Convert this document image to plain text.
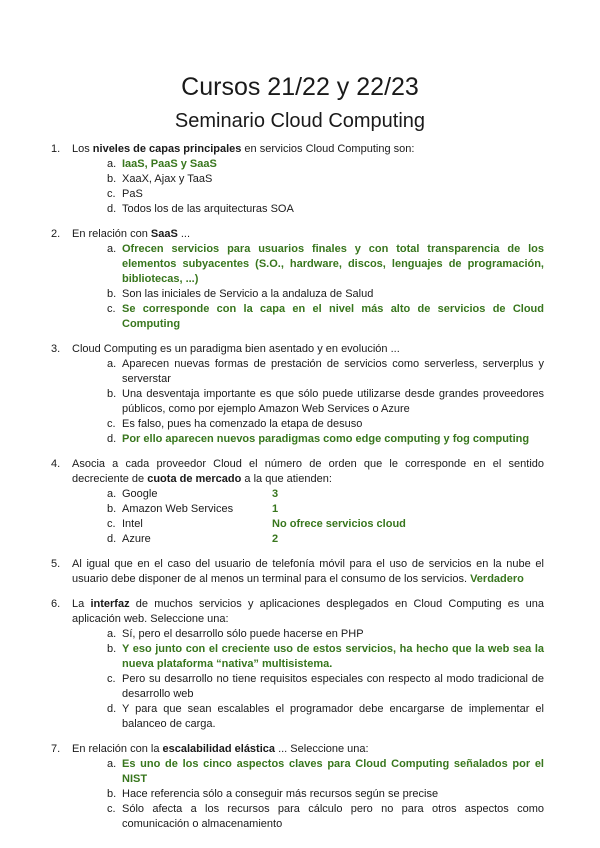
Cursos 21/22 y 22/23
Seminario Cloud Computing
1. Los niveles de capas principales en servicios Cloud Computing son:
a. IaaS, PaaS y SaaS
b. XaaX, Ajax y TaaS
c. PaS
d. Todos los de las arquitecturas SOA
2. En relación con SaaS ...
a. Ofrecen servicios para usuarios finales y con total transparencia de los elementos subyacentes (S.O., hardware, discos, lenguajes de programación, bibliotecas, ...)
b. Son las iniciales de Servicio a la andaluza de Salud
c. Se corresponde con la capa en el nivel más alto de servicios de Cloud Computing
3. Cloud Computing es un paradigma bien asentado y en evolución ...
a. Aparecen nuevas formas de prestación de servicios como serverless, serverplus y serverstar
b. Una desventaja importante es que sólo puede utilizarse desde grandes proveedores públicos, como por ejemplo Amazon Web Services o Azure
c. Es falso, pues ha comenzado la etapa de desuso
d. Por ello aparecen nuevos paradigmas como edge computing y fog computing
4. Asocia a cada proveedor Cloud el número de orden que le corresponde en el sentido decreciente de cuota de mercado a la que atienden:
a. Google	3
b. Amazon Web Services	1
c. Intel	No ofrece servicios cloud
d. Azure	2
5. Al igual que en el caso del usuario de telefonía móvil para el uso de servicios en la nube el usuario debe disponer de al menos un terminal para el consumo de los servicios. Verdadero
6. La interfaz de muchos servicios y aplicaciones desplegados en Cloud Computing es una aplicación web. Seleccione una:
a. Sí, pero el desarrollo sólo puede hacerse en PHP
b. Y eso junto con el creciente uso de estos servicios, ha hecho que la web sea la nueva plataforma “nativa” multisistema.
c. Pero su desarrollo no tiene requisitos especiales con respecto al modo tradicional de desarrollo web
d. Y para que sean escalables el programador debe encargarse de implementar el balanceo de carga.
7. En relación con la escalabilidad elástica ... Seleccione una:
a. Es uno de los cinco aspectos claves para Cloud Computing señalados por el NIST
b. Hace referencia sólo a conseguir más recursos según se precise
c. Sólo afecta a los recursos para cálculo pero no para otros aspectos como comunicación o almacenamiento
